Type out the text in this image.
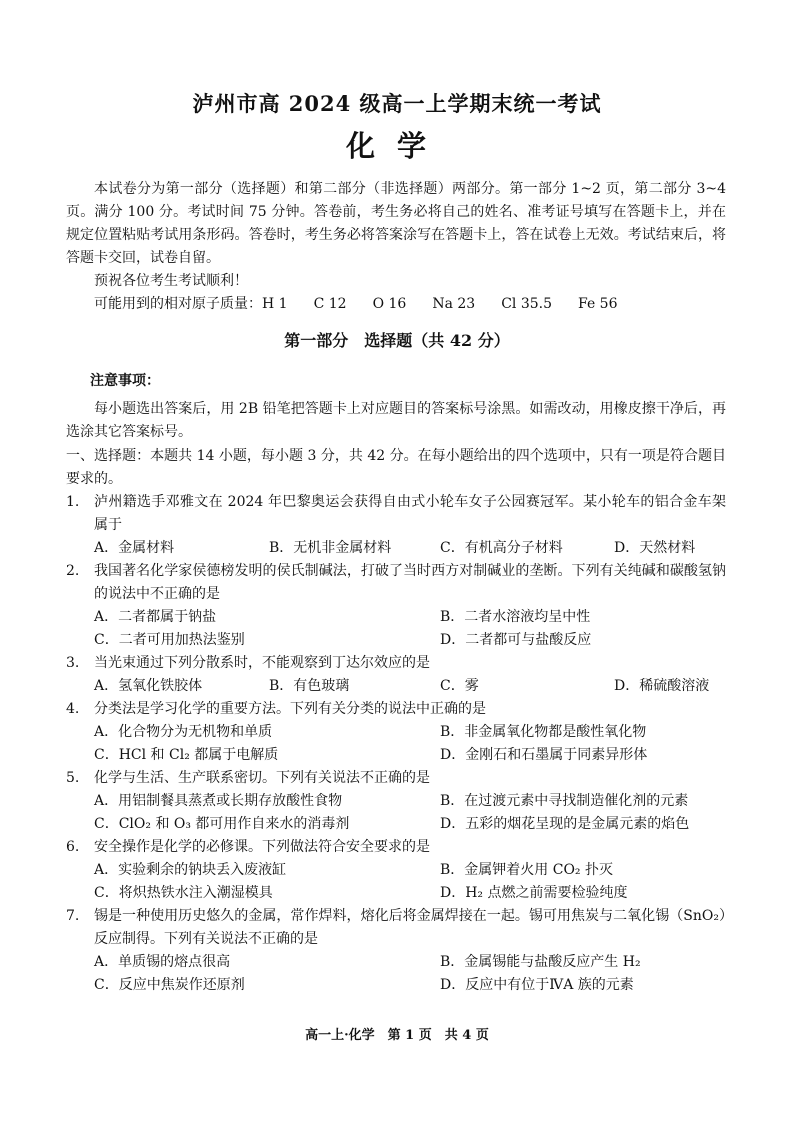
泸州市高 2024 级高一上学期末统一考试
化学

本试卷分为第一部分（选择题）和第二部分（非选择题）两部分。第一部分 1~2 页，第二部分 3~4 页。满分 100 分。考试时间 75 分钟。答卷前，考生务必将自己的姓名、准考证号填写在答题卡上，并在规定位置粘贴考试用条形码。答卷时，考生务必将答案涂写在答题卡上，答在试卷上无效。考试结束后，将答题卡交回，试卷自留。

预祝各位考生考试顺利！

可能用到的相对原子质量：H 1 C 12 O 16 Na 23 Cl 35.5 Fe 56

第一部分　选择题（共 42 分）
注意事项：
每小题选出答案后，用 2B 铅笔把答题卡上对应题目的答案标号涂黑。如需改动，用橡皮擦干净后，再选涂其它答案标号。
一、选择题：本题共 14 小题，每小题 3 分，共 42 分。在每小题给出的四个选项中，只有一项是符合题目要求的。
1. 泸州籍选手邓雅文在 2024 年巴黎奥运会获得自由式小轮车女子公园赛冠军。某小轮车的铝合金车架属于
A．金属材料	B．无机非金属材料	C．有机高分子材料	D．天然材料
2. 我国著名化学家侯德榜发明的侯氏制碱法，打破了当时西方对制碱业的垄断。下列有关纯碱和碳酸氢钠的说法中不正确的是
A．二者都属于钠盐	B．二者水溶液均呈中性
C．二者可用加热法鉴别	D．二者都可与盐酸反应
3. 当光束通过下列分散系时，不能观察到丁达尔效应的是
A．氢氧化铁胶体	B．有色玻璃	C．雾	D．稀硫酸溶液
4. 分类法是学习化学的重要方法。下列有关分类的说法中正确的是
A．化合物分为无机物和单质	B．非金属氧化物都是酸性氧化物
C．HCl 和 Cl₂ 都属于电解质	D．金刚石和石墨属于同素异形体
5. 化学与生活、生产联系密切。下列有关说法不正确的是
A．用铝制餐具蒸煮或长期存放酸性食物	B．在过渡元素中寻找制造催化剂的元素
C．ClO₂ 和 O₃ 都可用作自来水的消毒剂	D．五彩的烟花呈现的是金属元素的焰色
6. 安全操作是化学的必修课。下列做法符合安全要求的是
A．实验剩余的钠块丢入废液缸	B．金属钾着火用 CO₂ 扑灭
C．将炽热铁水注入潮湿模具	D．H₂ 点燃之前需要检验纯度
7. 锡是一种使用历史悠久的金属，常作焊料，熔化后将金属焊接在一起。锡可用焦炭与二氧化锡（SnO₂）反应制得。下列有关说法不正确的是
A．单质锡的熔点很高	B．金属锡能与盐酸反应产生 H₂
C．反应中焦炭作还原剂	D．反应中有位于ⅣA 族的元素
高一上·化学　第 1 页　共 4 页
